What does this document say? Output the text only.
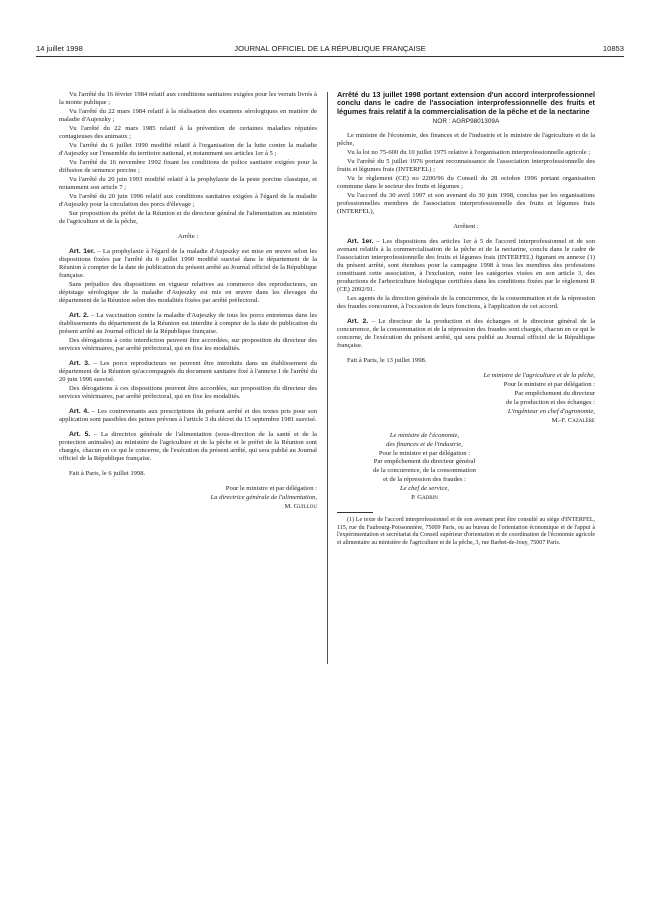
14 juillet 1998	JOURNAL OFFICIEL DE LA RÉPUBLIQUE FRANÇAISE	10853

Vu l'arrêté du 16 février 1984 relatif aux conditions sanitaires exigées pour les verrats livrés à la monte publique ;

Vu l'arrêté du 22 mars 1984 relatif à la réalisation des examens sérologiques en matière de maladie d'Aujeszky ;

Vu l'arrêté du 22 mars 1985 relatif à la prévention de certaines maladies réputées contagieuses des animaux ;

Vu l'arrêté du 6 juillet 1990 modifié relatif à l'organisation de la lutte contre la maladie d'Aujeszky sur l'ensemble du territoire national, et notamment ses articles 1er à 5 ;

Vu l'arrêté du 16 novembre 1992 fixant les conditions de police sanitaire exigées pour la diffusion de semence porcine ;

Vu l'arrêté du 20 juin 1993 modifié relatif à la prophylaxie de la peste porcine classique, et notamment son article 7 ;

Vu l'arrêté du 20 juin 1996 relatif aux conditions sanitaires exigées à l'égard de la maladie d'Aujeszky pour la circulation des porcs d'élevage ;

Sur proposition du préfet de la Réunion et du directeur général de l'alimentation au ministère de l'agriculture et de la pêche,

Arrête :

Art. 1er. – La prophylaxie à l'égard de la maladie d'Aujeszky est mise en œuvre selon les dispositions fixées par l'arrêté du 6 juillet 1990 modifié susvisé dans le département de la Réunion à compter de la date de publication du présent arrêté au Journal officiel de la République française.

Sans préjudice des dispositions en vigueur relatives au commerce des reproducteurs, un dépistage sérologique de la maladie d'Aujeszky est mis en œuvre dans les élevages du département de la Réunion selon des modalités fixées par arrêté préfectoral.

Art. 2. – La vaccination contre la maladie d'Aujeszky de tous les porcs entretenus dans les établissements du département de la Réunion est interdite à compter de la date de publication du présent arrêté au Journal officiel de la République française.

Des dérogations à cette interdiction peuvent être accordées, sur proposition du directeur des services vétérinaires, par arrêté préfectoral, qui en fixe les modalités.

Art. 3. – Les porcs reproducteurs ne peuvent être introduits dans un établissement du département de la Réunion qu'accompagnés du document sanitaire fixé à l'annexe I de l'arrêté du 20 juin 1996 susvisé.

Des dérogations à ces dispositions peuvent être accordées, sur proposition du directeur des services vétérinaires, par arrêté préfectoral, qui en fixe les modalités.

Art. 4. – Les contrevenants aux prescriptions du présent arrêté et des textes pris pour son application sont passibles des peines prévues à l'article 3 du décret du 15 septembre 1981 susvisé.

Art. 5. – La directrice générale de l'alimentation (sous-direction de la santé et de la protection animales) au ministère de l'agriculture et de la pêche et le préfet de la Réunion sont chargés, chacun en ce qui le concerne, de l'exécution du présent arrêté, qui sera publié au Journal officiel de la République française.

Fait à Paris, le 6 juillet 1998.

Pour le ministre et par délégation :

La directrice générale de l'alimentation,

M. Guillou

Arrêté du 13 juillet 1998 portant extension d'un accord interprofessionnel conclu dans le cadre de l'association interprofessionnelle des fruits et légumes frais relatif à la commercialisation de la pêche et de la nectarine

NOR : AGRP9801309A

Le ministre de l'économie, des finances et de l'industrie et le ministre de l'agriculture et de la pêche,

Vu la loi no 75-600 du 10 juillet 1975 relative à l'organisation interprofessionnelle agricole ;

Vu l'arrêté du 5 juillet 1976 portant reconnaissance de l'association interprofessionnelle des fruits et légumes frais (INTERFEL) ;

Vu le règlement (CE) no 2200/96 du Conseil du 28 octobre 1996 portant organisation commune dans le secteur des fruits et légumes ;

Vu l'accord du 30 avril 1997 et son avenant du 30 juin 1998, conclus par les organisations professionnelles membres de l'association interprofessionnelle des fruits et légumes frais (INTERFEL),

Arrêtent :

Art. 1er. – Les dispositions des articles 1er à 5 de l'accord interprofessionnel et de son avenant relatifs à la commercialisation de la pêche et de la nectarine, conclu dans le cadre de l'association interprofessionnelle des fruits et légumes frais (INTERFEL) figurant en annexe (1) du présent arrêté, sont étendues pour la campagne 1998 à tous les membres des professions constituant cette association, à l'exclusion, outre les catégories visées en son article 3, des productions de l'arboriculture biologique certifiées dans les conditions fixées par le règlement R (CE) 2092/91.

Les agents de la direction générale de la concurrence, de la consommation et de la répression des fraudes concourent, à l'occasion de leurs fonctions, à l'application de cet accord.

Art. 2. – Le directeur de la production et des échanges et le directeur général de la concurrence, de la consommation et de la répression des fraudes sont chargés, chacun en ce qui le concerne, de l'exécution du présent arrêté, qui sera publié au Journal officiel de la République française.

Fait à Paris, le 13 juillet 1998.

Le ministre de l'agriculture et de la pêche,

Pour le ministre et par délégation :

Par empêchement du directeur

de la production et des échanges :

L'ingénieur en chef d'agronomie,

M.-F. Cazalère

Le ministre de l'économie,

des finances et de l'industrie,

Pour le ministre et par délégation :

Par empêchement du directeur général

de la concurrence, de la consommation

et de la répression des fraudes :

Le chef de service,

P. Gadbin

(1) Le texte de l'accord interprofessionnel et de son avenant peut être consulté au siège d'INTERFEL, 115, rue du Faubourg-Poissonnière, 75009 Paris, ou au bureau de l'orientation économique et de l'appui à l'expérimentation et secrétariat du Conseil supérieur d'orientation et de coordination de l'économie agricole et alimentaire au ministère de l'agriculture et de la pêche, 3, rue Barbet-de-Jouy, 75007 Paris.
